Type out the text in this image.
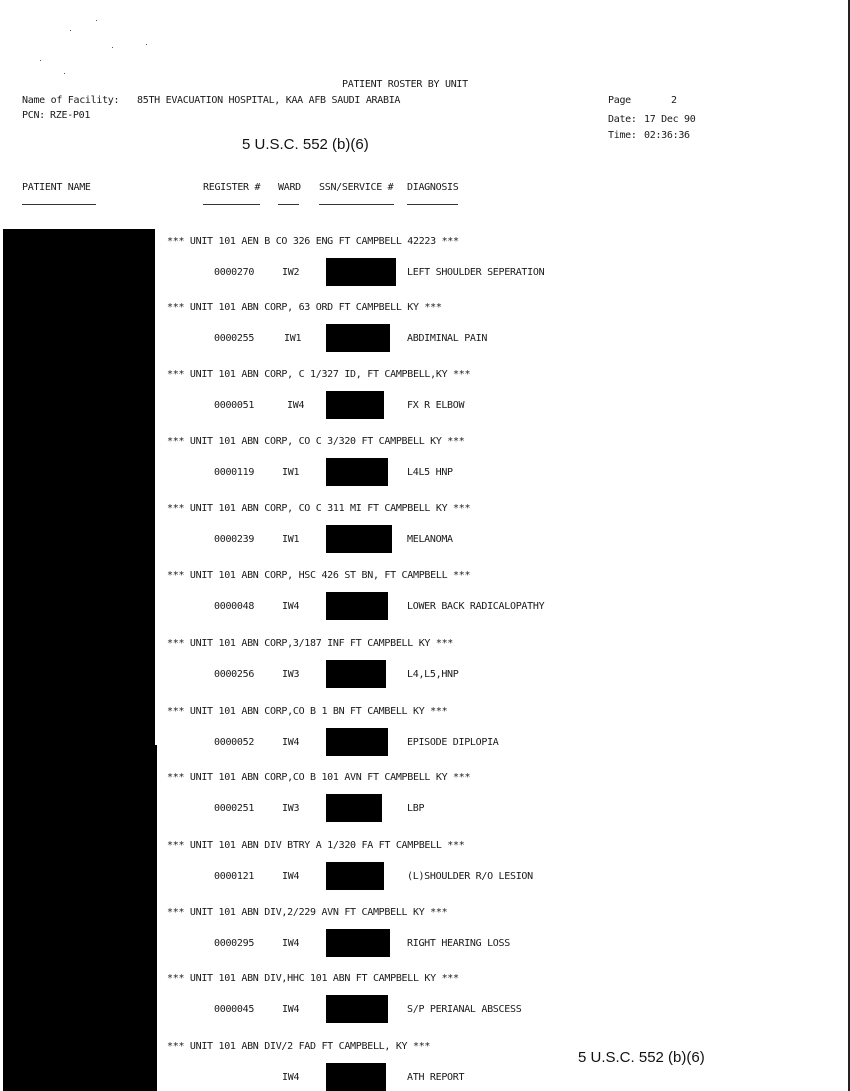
PATIENT ROSTER BY UNIT
Name of Facility: 85TH EVACUATION HOSPITAL, KAA AFB SAUDI ARABIA
PCN: RZE-P01
Page	2
Date: 17 Dec 90
Time: 02:36:36
5 U.S.C. 552 (b)(6)
PATIENT NAME	REGISTER # WARD SSN/SERVICE # DIAGNOSIS
*** UNIT 101 AEN B CO 326 ENG FT CAMPBELL 42223 ***
0000270	IW2	LEFT SHOULDER SEPERATION
*** UNIT 101 ABN CORP, 63 ORD FT CAMPBELL KY ***
0000255	IW1	ABDIMINAL PAIN
*** UNIT 101 ABN CORP, C 1/327 ID, FT CAMPBELL,KY ***
0000051	IW4	FX R ELBOW
*** UNIT 101 ABN CORP, CO C 3/320 FT CAMPBELL KY ***
0000119	IW1	L4L5 HNP
*** UNIT 101 ABN CORP, CO C 311 MI FT CAMPBELL KY ***
0000239	IW1	MELANOMA
*** UNIT 101 ABN CORP, HSC 426 ST BN, FT CAMPBELL ***
0000048	IW4	LOWER BACK RADICALOPATHY
*** UNIT 101 ABN CORP,3/187 INF FT CAMPBELL KY ***
0000256	IW3	L4,L5,HNP
*** UNIT 101 ABN CORP,CO B 1 BN FT CAMBELL KY ***
0000052	IW4	EPISODE DIPLOPIA
*** UNIT 101 ABN CORP,CO B 101 AVN FT CAMPBELL KY ***
0000251	IW3	LBP
*** UNIT 101 ABN DIV BTRY A 1/320 FA FT CAMPBELL ***
0000121	IW4	(L)SHOULDER R/O LESION
*** UNIT 101 ABN DIV,2/229 AVN FT CAMPBELL KY ***
0000295	IW4	RIGHT HEARING LOSS
*** UNIT 101 ABN DIV,HHC 101 ABN FT CAMPBELL KY ***
0000045	IW4	S/P PERIANAL ABSCESS
*** UNIT 101 ABN DIV/2 FAD FT CAMPBELL, KY ***
IW4	ATH REPORT
5 U.S.C. 552 (b)(6)
